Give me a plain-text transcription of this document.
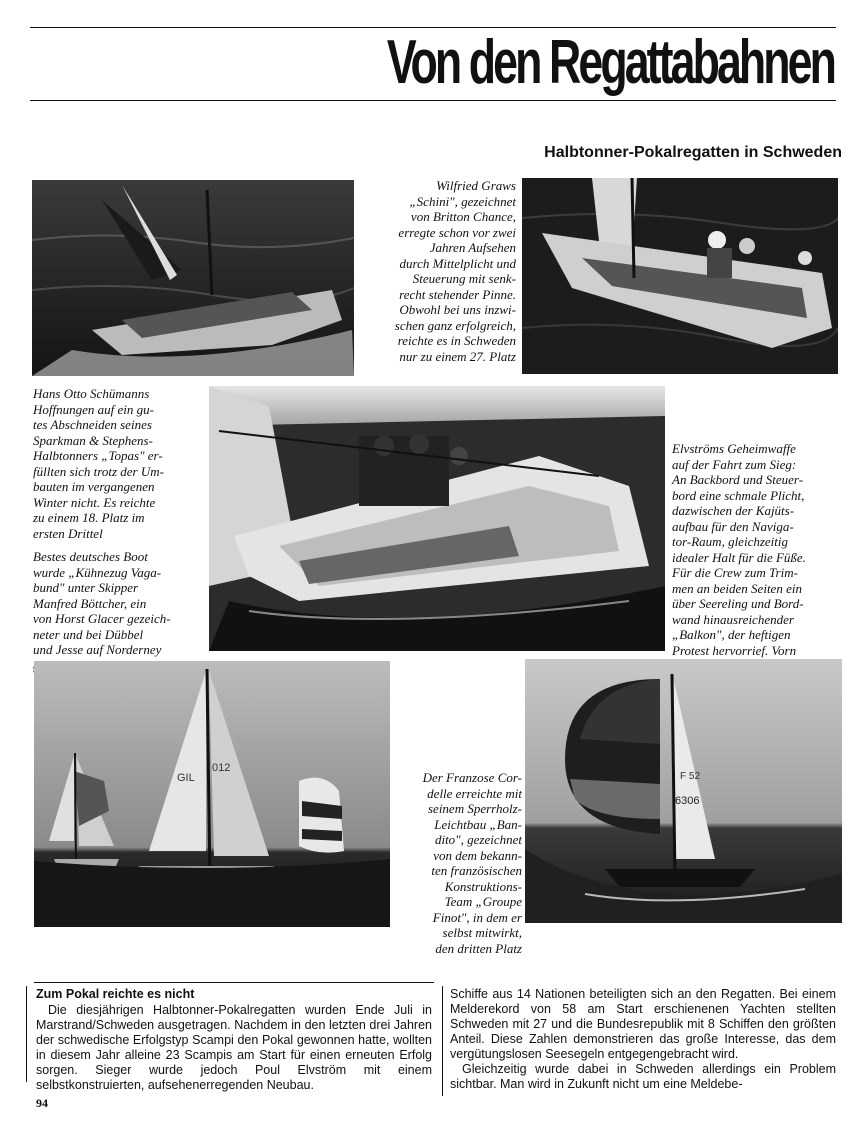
Von den Regattabahnen
Halbtonner-Pokalregatten in Schweden
Wilfried Graws
„Schini", gezeichnet
von Britton Chance,
erregte schon vor zwei
Jahren Aufsehen
durch Mittelplicht und
Steuerung mit senk-
recht stehender Pinne.
Obwohl bei uns inzwi-
schen ganz erfolgreich,
reichte es in Schweden
nur zu einem 27. Platz
Hans Otto Schümanns
Hoffnungen auf ein gu-
tes Abschneiden seines
Sparkman & Stephens-
Halbtonners „Topas" er-
füllten sich trotz der Um-
bauten im vergangenen
Winter nicht. Es reichte
zu einem 18. Platz im
ersten Drittel
Bestes deutsches Boot
wurde „Kühnezug Vaga-
bund" unter Skipper
Manfred Böttcher, ein
von Horst Glacer gezeich-
neter und bei Dübbel
und Jesse auf Norderney

Elvströms Geheimwaffe
auf der Fahrt zum Sieg:
An Backbord und Steuer-
bord eine schmale Plicht,
dazwischen der Kajüts-
aufbau für den Naviga-
tor-Raum, gleichzeitig
idealer Halt für die Füße.
Für die Crew zum Trim-
men an beiden Seiten ein
über Seereling und Bord-
wand hinausreichender
„Balkon", der heftigen
Protest hervorrief. Vorn

GIL
012
Der Franzose Cor-
delle erreichte mit
seinem Sperrholz-
Leichtbau „Ban-
dito", gezeichnet
von dem bekann-
ten französischen
Konstruktions-
Team „Groupe
Finot", in dem er
selbst mitwirkt,
den dritten Platz
6306
F 52
Zum Pokal reichte es nicht

Die diesjährigen Halbtonner-Pokalregatten wurden Ende Juli in Marstrand/Schweden ausgetragen. Nachdem in den letzten drei Jahren der schwedische Erfolgstyp Scampi den Pokal gewonnen hatte, wollten in diesem Jahr alleine 23 Scampis am Start für einen erneuten Erfolg sorgen. Sieger wurde jedoch Poul Elvström mit einem selbstkonstruierten, aufsehenerregenden Neubau.

Schiffe aus 14 Nationen beteiligten sich an den Regatten. Bei einem Melderekord von 58 am Start erschienenen Yachten stellten Schweden mit 27 und die Bundesrepublik mit 8 Schiffen den größten Anteil. Diese Zahlen demonstrieren das große Interesse, das dem vergütungslosen Seesegeln entgegengebracht wird.

Gleichzeitig wurde dabei in Schweden allerdings ein Problem sichtbar. Man wird in Zukunft nicht um eine Meldebe-

94
